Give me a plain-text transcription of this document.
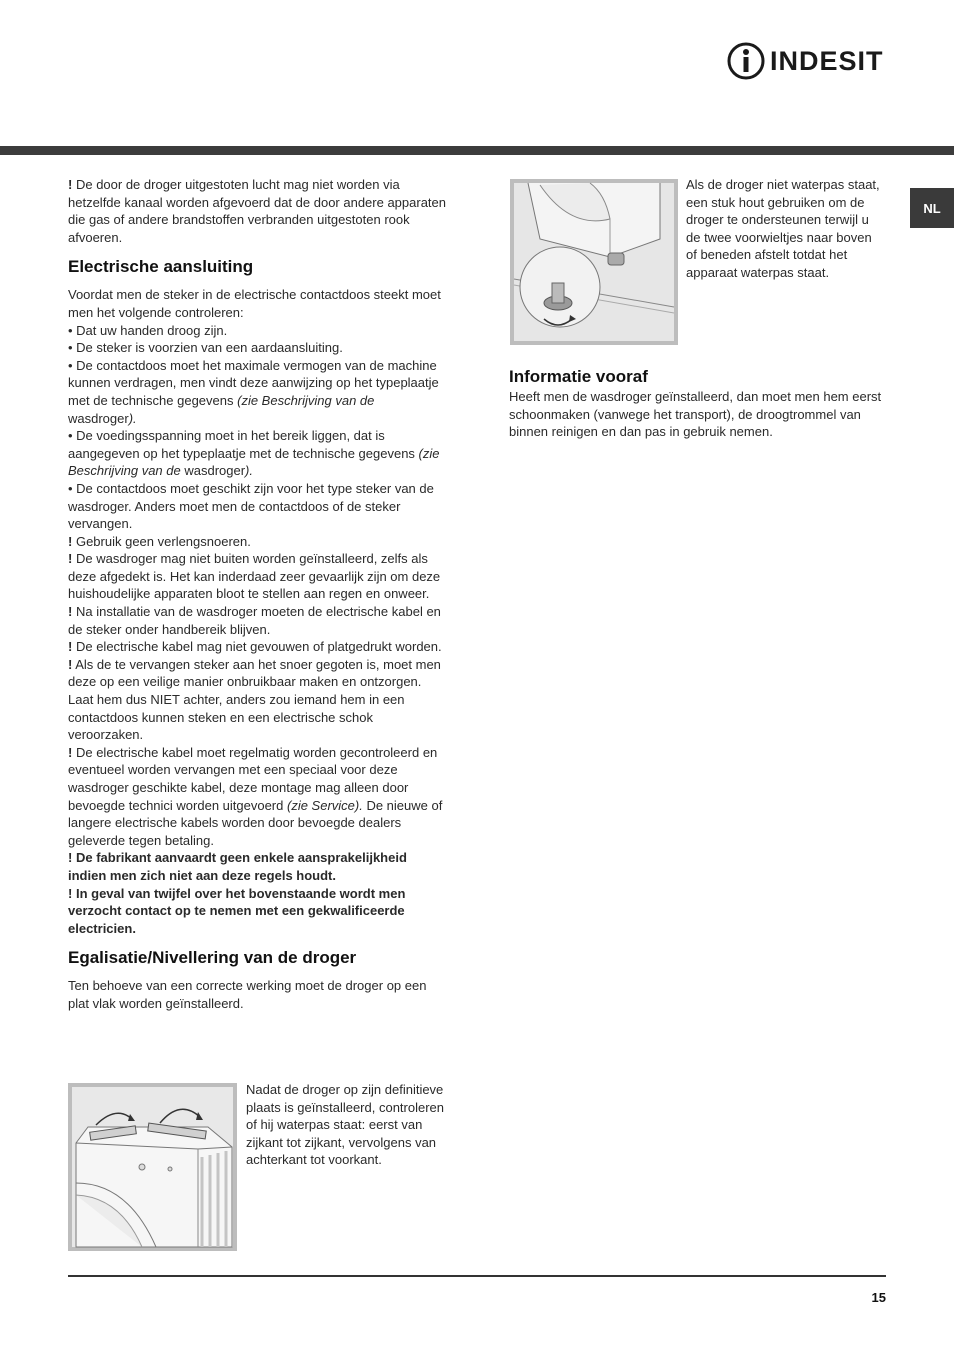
INDESIT
NL

! De door de droger uitgestoten lucht mag niet worden via hetzelfde kanaal worden afgevoerd dat de door andere apparaten die gas of andere brandstoffen verbranden uitgestoten rook afvoeren.

Electrische aansluiting

Voordat men de steker in de electrische contactdoos steekt moet men het volgende controleren:

• Dat uw handen droog zijn.

• De steker is voorzien van een aardaansluiting.

• De contactdoos moet het maximale vermogen van de machine kunnen verdragen, men vindt deze aanwijzing op het typeplaatje met de technische gegevens (zie Beschrijving van de wasdroger).

• De voedingsspanning moet in het bereik liggen, dat is aangegeven op het typeplaatje met de technische gegevens (zie Beschrijving van de wasdroger).

• De contactdoos moet geschikt zijn voor het type steker van de wasdroger. Anders moet men de contactdoos of de steker vervangen.

! Gebruik geen verlengsnoeren.

! De wasdroger mag niet buiten worden geïnstalleerd, zelfs als deze afgedekt is. Het kan inderdaad zeer gevaarlijk zijn om deze huishoudelijke apparaten bloot te stellen aan regen en onweer.

! Na installatie van de wasdroger moeten de electrische kabel en de steker onder handbereik blijven.

! De electrische kabel mag niet gevouwen of platgedrukt worden.

! Als de te vervangen steker aan het snoer gegoten is, moet men deze op een veilige manier onbruikbaar maken en ontzorgen. Laat hem dus NIET achter, anders zou iemand hem in een contactdoos kunnen steken en een electrische schok veroorzaken.

! De electrische kabel moet regelmatig worden gecontroleerd en eventueel worden vervangen met een speciaal voor deze wasdroger geschikte kabel, deze montage mag alleen door bevoegde technici worden uitgevoerd (zie Service). De nieuwe of langere electrische kabels worden door bevoegde dealers geleverde tegen betaling.

! De fabrikant aanvaardt geen enkele aansprakelijkheid indien men zich niet aan deze regels houdt.

! In geval van twijfel over het bovenstaande wordt men verzocht contact op te nemen met een gekwalificeerde electricien.

Egalisatie/Nivellering van de droger

Ten behoeve van een correcte werking moet de droger op een plat vlak worden geïnstalleerd.

Als de droger niet waterpas staat, een stuk hout gebruiken om de droger te ondersteunen terwijl u de twee voorwieltjes naar boven of beneden afstelt totdat het apparaat waterpas staat.

Informatie vooraf

Heeft men de wasdroger geïnstalleerd, dan moet men hem eerst schoonmaken (vanwege het transport), de droogtrommel van binnen reinigen en dan pas in gebruik nemen.

Nadat de droger op zijn definitieve plaats is geïnstalleerd, controleren of hij waterpas staat: eerst van zijkant tot zijkant, vervolgens van achterkant tot voorkant.

15
